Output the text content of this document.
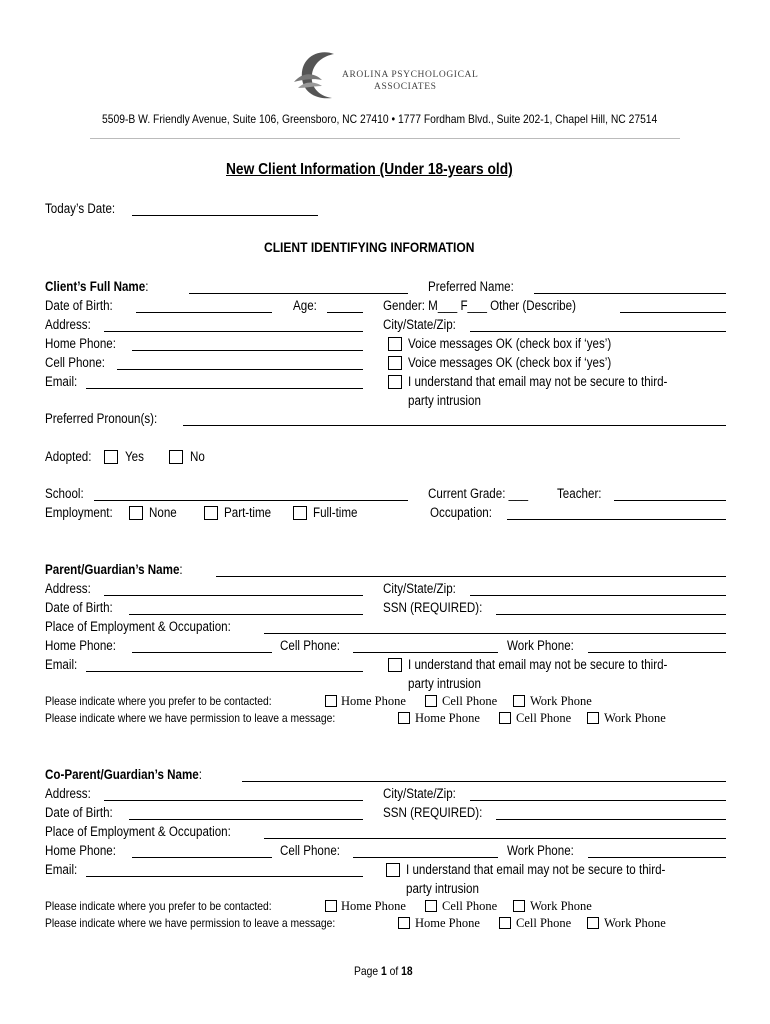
AROLINA PSYCHOLOGICAL
ASSOCIATES
5509-B W. Friendly Avenue, Suite 106, Greensboro, NC 27410 • 1777 Fordham Blvd., Suite 202-1, Chapel Hill, NC 27514
New Client Information (Under 18-years old)
Today’s Date:
CLIENT IDENTIFYING INFORMATION
Client’s Full Name:	Preferred Name:
Date of Birth:	Age:	Gender: M___ F___ Other (Describe)
Address:	City/State/Zip:
Home Phone:	Voice messages OK (check box if ‘yes’)
Cell Phone:	Voice messages OK (check box if ‘yes’)
Email:	I understand that email may not be secure to third-
party intrusion
Preferred Pronoun(s):
Adopted: Yes	No
School:	Current Grade: ___ Teacher:
Employment:	None	Part-time	Full-time	Occupation:
Parent/Guardian’s Name:
Address:	City/State/Zip:
Date of Birth:	SSN (REQUIRED):
Place of Employment & Occupation:
Home Phone:	Cell Phone:	Work Phone:
Email:	I understand that email may not be secure to third-
party intrusion
Please indicate where you prefer to be contacted:	Home Phone	Cell Phone	Work Phone
Please indicate where we have permission to leave a message:	Home Phone	Cell Phone	Work Phone
Co-Parent/Guardian’s Name:
Address:	City/State/Zip:
Date of Birth:	SSN (REQUIRED):
Place of Employment & Occupation:
Home Phone:	Cell Phone:	Work Phone:
Email:	I understand that email may not be secure to third-
party intrusion
Please indicate where you prefer to be contacted:	Home Phone	Cell Phone	Work Phone
Please indicate where we have permission to leave a message:	Home Phone	Cell Phone	Work Phone
Page 1 of 18
